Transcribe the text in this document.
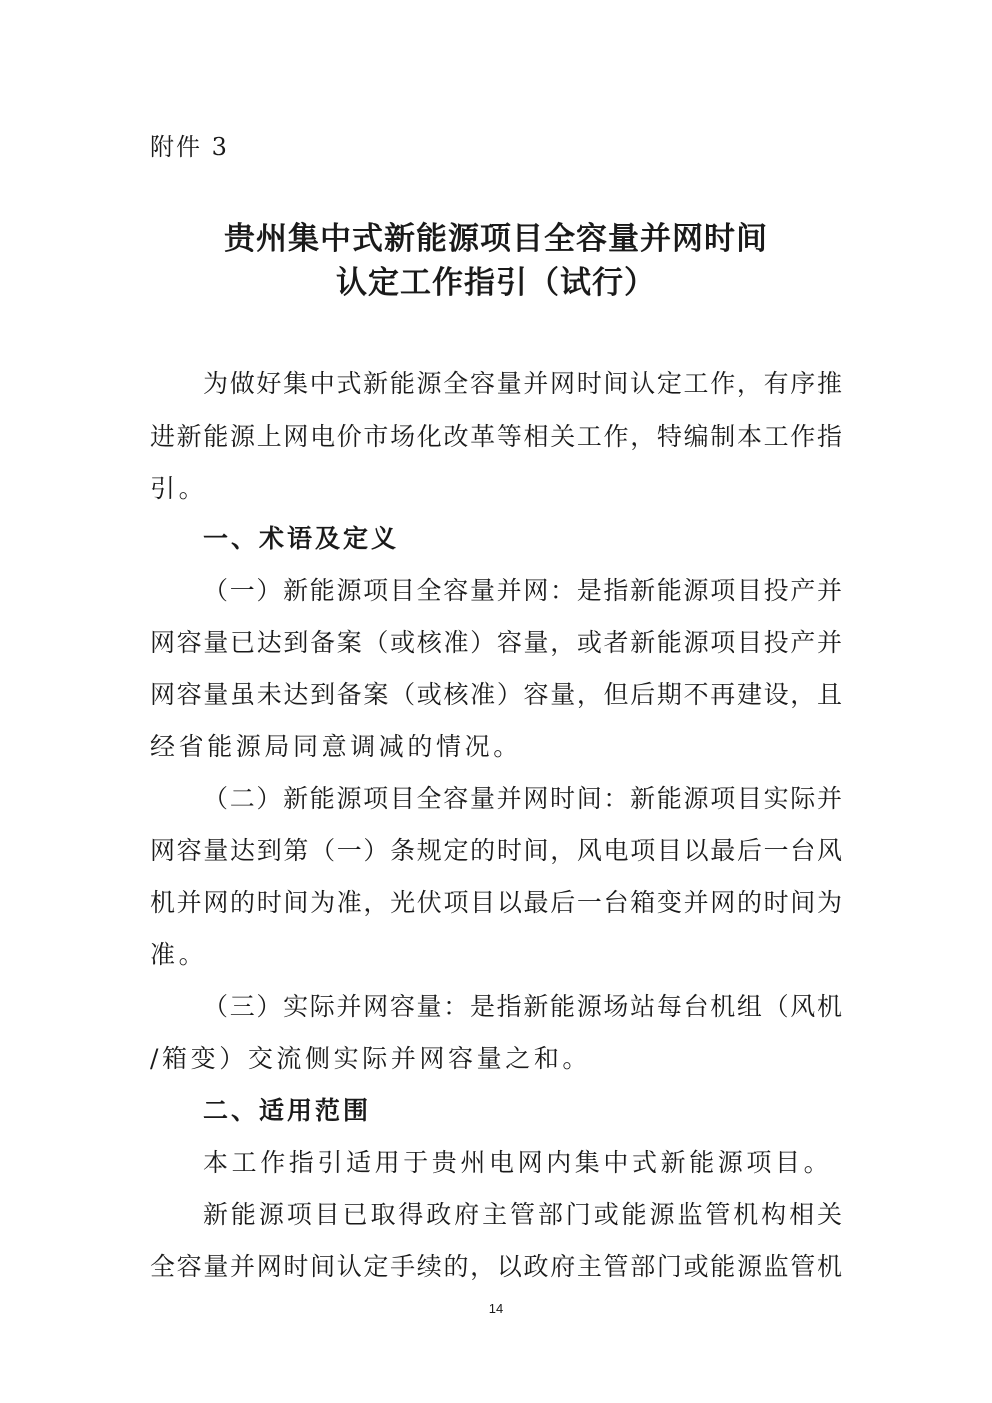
附件 3
贵州集中式新能源项目全容量并网时间
认定工作指引（试行）
为做好集中式新能源全容量并网时间认定工作，有序推
进新能源上网电价市场化改革等相关工作，特编制本工作指
引。
一、术语及定义
（一）新能源项目全容量并网：是指新能源项目投产并
网容量已达到备案（或核准）容量，或者新能源项目投产并
网容量虽未达到备案（或核准）容量，但后期不再建设，且
经省能源局同意调减的情况。
（二）新能源项目全容量并网时间：新能源项目实际并
网容量达到第（一）条规定的时间，风电项目以最后一台风
机并网的时间为准，光伏项目以最后一台箱变并网的时间为
准。
（三）实际并网容量：是指新能源场站每台机组（风机
/箱变）交流侧实际并网容量之和。
二、适用范围
本工作指引适用于贵州电网内集中式新能源项目。
新能源项目已取得政府主管部门或能源监管机构相关
全容量并网时间认定手续的，以政府主管部门或能源监管机
14
